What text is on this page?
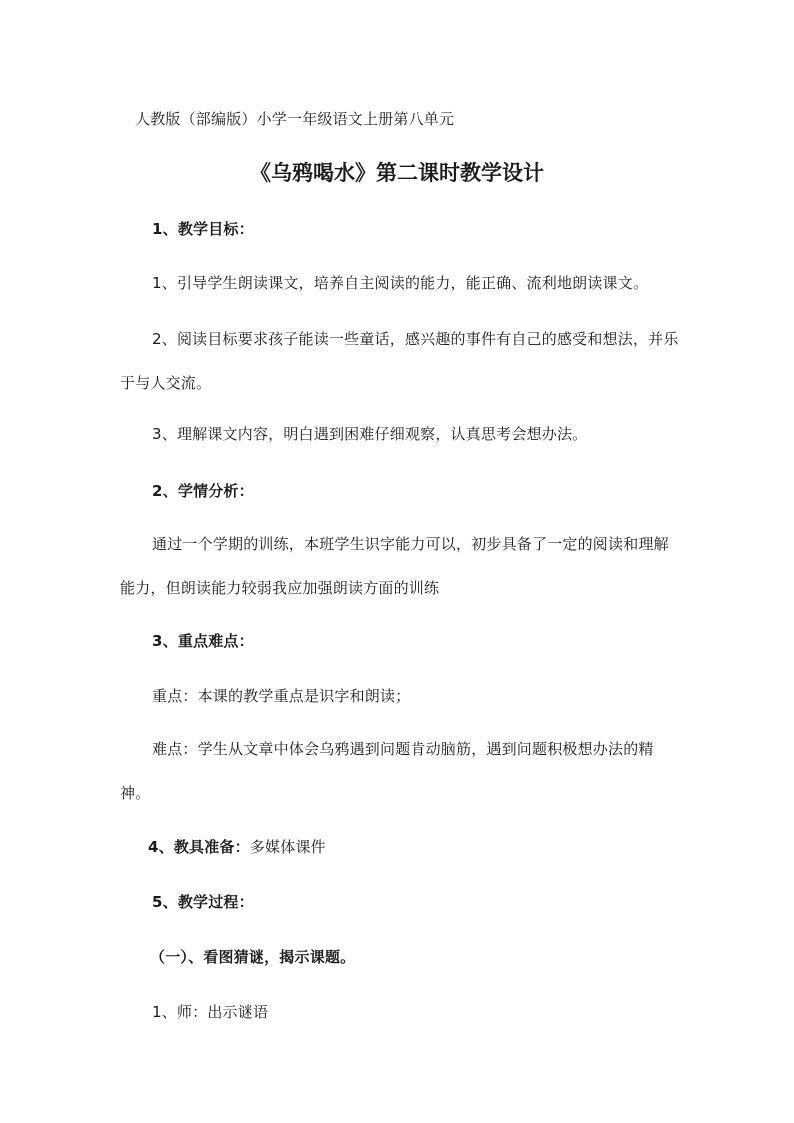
人教版（部编版）小学一年级语文上册第八单元
《乌鸦喝水》第二课时教学设计
1、教学目标：
1、引导学生朗读课文，培养自主阅读的能力，能正确、流利地朗读课文。
2、阅读目标要求孩子能读一些童话，感兴趣的事件有自己的感受和想法，并乐于与人交流。
3、理解课文内容，明白遇到困难仔细观察，认真思考会想办法。
2、学情分析：
通过一个学期的训练，本班学生识字能力可以，初步具备了一定的阅读和理解能力，但朗读能力较弱我应加强朗读方面的训练
3、重点难点：
重点：本课的教学重点是识字和朗读；
难点：学生从文章中体会乌鸦遇到问题肯动脑筋，遇到问题积极想办法的精神。
4、教具准备：多媒体课件
5、教学过程：
（一）、看图猜谜，揭示课题。
1、师：出示谜语
